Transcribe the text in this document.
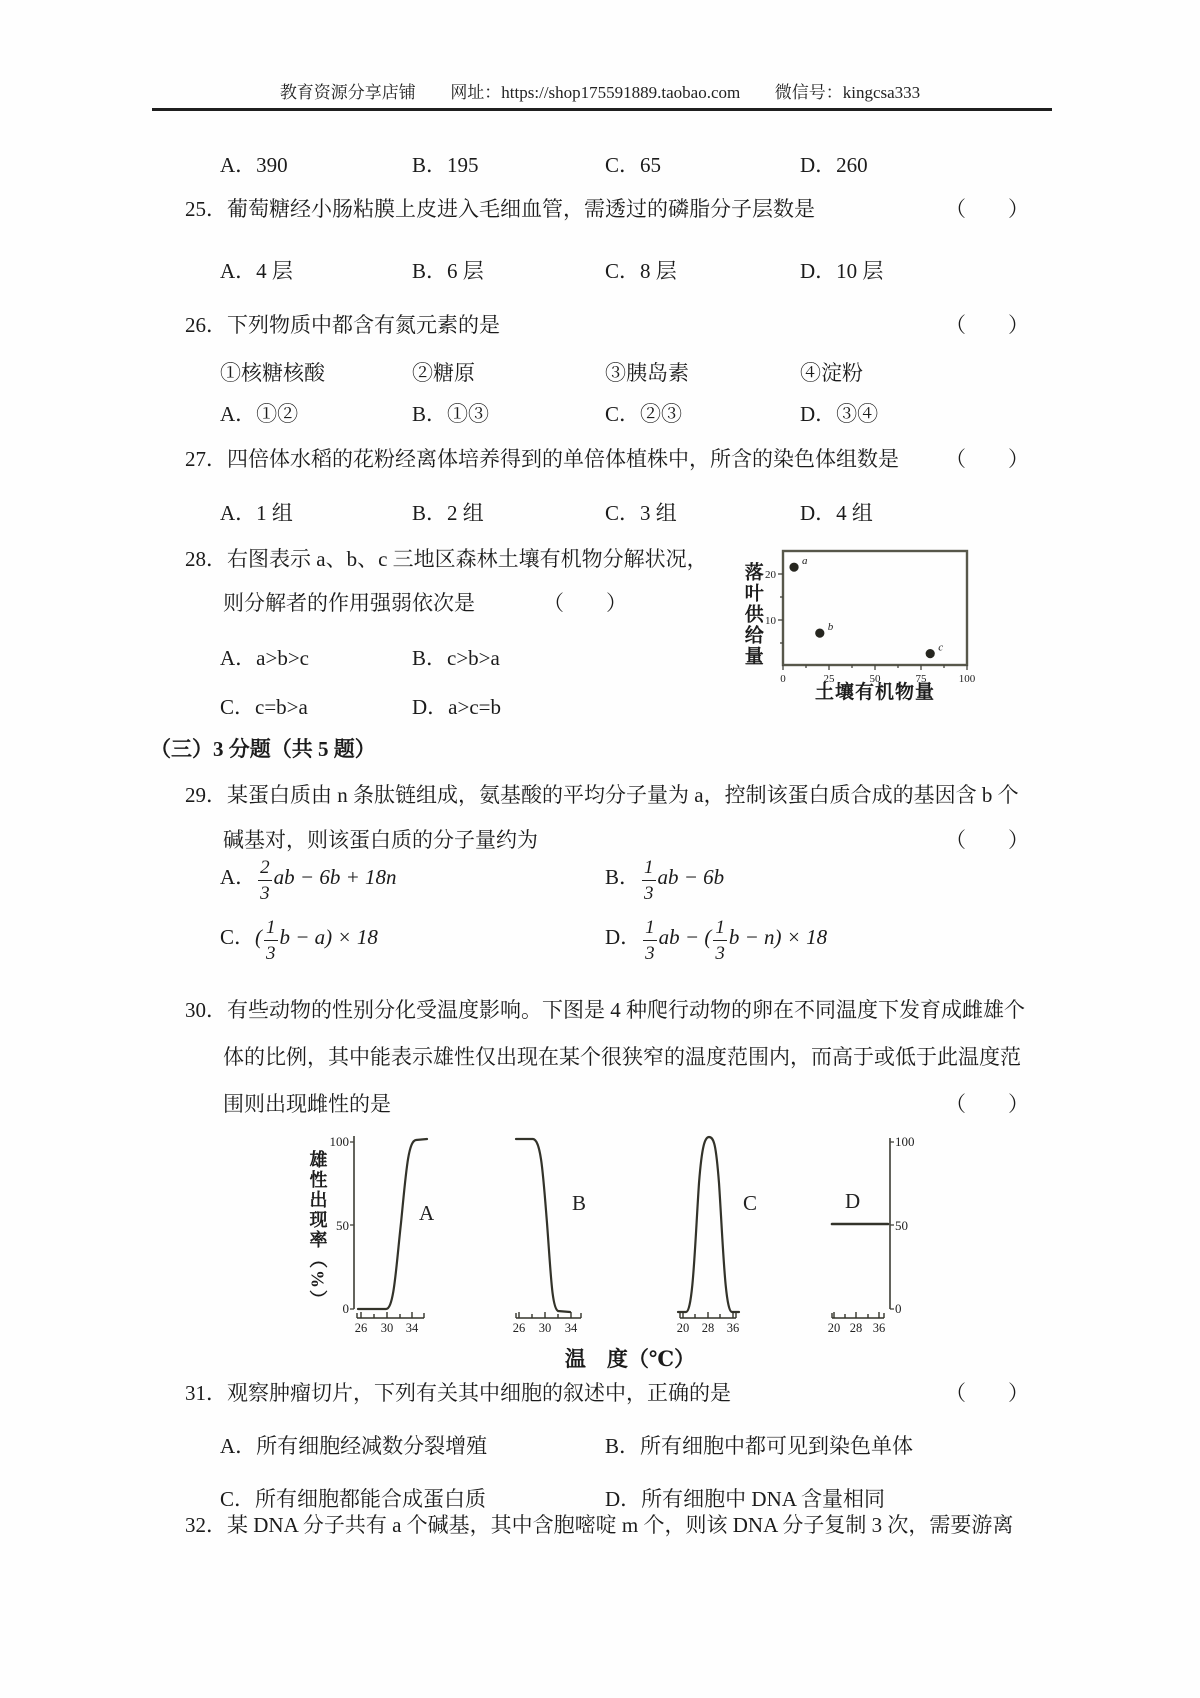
教育资源分享店铺 网址：https://shop175591889.taobao.com 微信号：kingcsa333
A．390	B．195	C．65	D．260
25．葡萄糖经小肠粘膜上皮进入毛细血管，需透过的磷脂分子层数是	（　　）
A．4 层	B．6 层	C．8 层	D．10 层
26．下列物质中都含有氮元素的是	（　　）
①核糖核酸	②糖原	③胰岛素	④淀粉
A．①②	B．①③	C．②③	D．③④
27．四倍体水稻的花粉经离体培养得到的单倍体植株中，所含的染色体组数是 （　　）
A．1 组	B．2 组	C．3 组	D．4 组
28．右图表示 a、b、c 三地区森林土壤有机物分解状况，
则分解者的作用强弱依次是	（　　）
A．a>b>c	B．c>b>a
C．c=b>a	D．a>c=b
落叶供给量 20
10
0	25	50	75	100
a
b
c
土壤有机物量
（三）3 分题（共 5 题）
29．某蛋白质由 n 条肽链组成，氨基酸的平均分子量为 a，控制该蛋白质合成的基因含 b 个
碱基对，则该蛋白质的分子量约为	（　　）
A． $\frac{2}{3}$ ab − 6b + 18n	B． $\frac{1}{3}$ ab − 6b
C．( $\frac{1}{3}$ b − a) × 18	D． $\frac{1}{3}$ ab − ( $\frac{1}{3}$ b − n) × 18
30．有些动物的性别分化受温度影响。下图是 4 种爬行动物的卵在不同温度下发育成雌雄个
体的比例，其中能表示雄性仅出现在某个很狭窄的温度范围内，而高于或低于此温度范
围则出现雌性的是	（　　）
雄性出现率（%）
100
50
0
A
26 30 34
B
26 30 34
C
20 28 36
D
20 28 36
100
50
0
温　度（℃）
31．观察肿瘤切片，下列有关其中细胞的叙述中，正确的是	（　　）
A．所有细胞经减数分裂增殖	B．所有细胞中都可见到染色单体
C．所有细胞都能合成蛋白质	D．所有细胞中 DNA 含量相同
32．某 DNA 分子共有 a 个碱基，其中含胞嘧啶 m 个，则该 DNA 分子复制 3 次，需要游离
